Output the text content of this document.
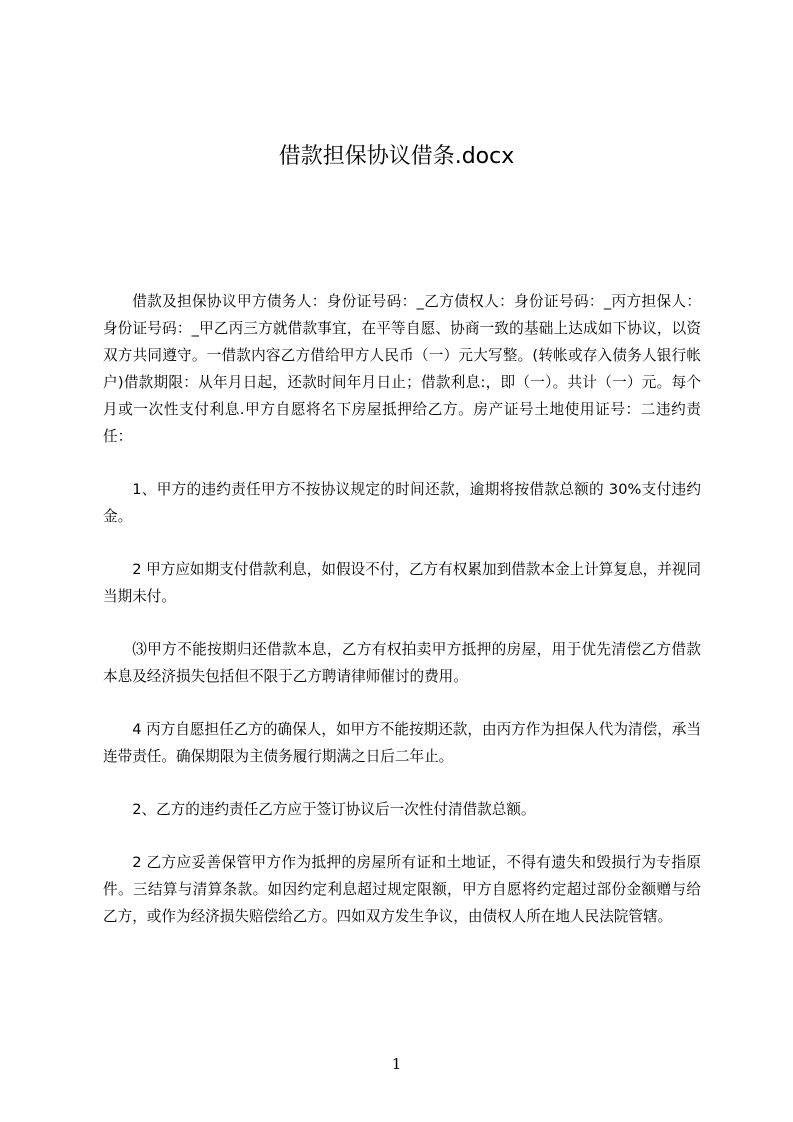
借款担保协议借条.docx

借款及担保协议甲方债务人：身份证号码：_乙方债权人：身份证号码：_丙方担保人：身份证号码：_甲乙丙三方就借款事宜，在平等自愿、协商一致的基础上达成如下协议，以资双方共同遵守。一借款内容乙方借给甲方人民币（一）元大写整。(转帐或存入债务人银行帐户)借款期限：从年月日起，还款时间年月日止；借款利息:，即（一）。共计（一）元。每个月或一次性支付利息.甲方自愿将名下房屋抵押给乙方。房产证号土地使用证号：二违约责任：

1、甲方的违约责任甲方不按协议规定的时间还款，逾期将按借款总额的 30%支付违约金。

2 甲方应如期支付借款利息，如假设不付，乙方有权累加到借款本金上计算复息，并视同当期未付。

⑶甲方不能按期归还借款本息，乙方有权拍卖甲方抵押的房屋，用于优先清偿乙方借款本息及经济损失包括但不限于乙方聘请律师催讨的费用。

4 丙方自愿担任乙方的确保人，如甲方不能按期还款，由丙方作为担保人代为清偿，承当连带责任。确保期限为主债务履行期满之日后二年止。

2、乙方的违约责任乙方应于签订协议后一次性付清借款总额。

2 乙方应妥善保管甲方作为抵押的房屋所有证和土地证，不得有遗失和毁损行为专指原件。三结算与清算条款。如因约定利息超过规定限额，甲方自愿将约定超过部份金额赠与给乙方，或作为经济损失赔偿给乙方。四如双方发生争议，由债权人所在地人民法院管辖。

1
